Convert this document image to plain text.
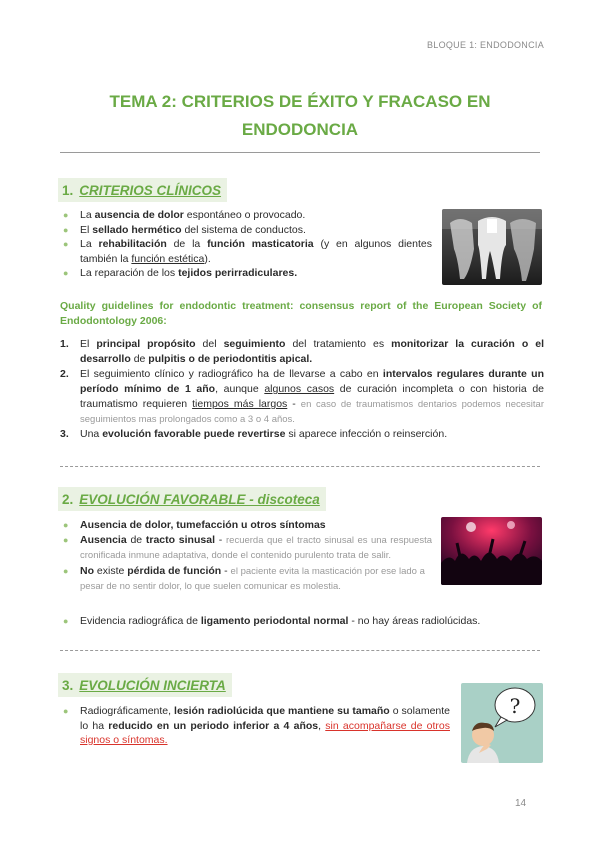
BLOQUE 1: ENDODONCIA
TEMA 2: CRITERIOS DE ÉXITO Y FRACASO EN
ENDODONCIA
1. CRITERIOS CLÍNICOS
● La ausencia de dolor espontáneo o provocado.
● El sellado hermético del sistema de conductos.
● La rehabilitación de la función masticatoria (y en algunos dientes también la función estética).
● La reparación de los tejidos perirradiculares.
Quality guidelines for endodontic treatment: consensus report of the European Society of Endodontology 2006:
1. El principal propósito del seguimiento del tratamiento es monitorizar la curación o el desarrollo de pulpitis o de periodontitis apical.
2. El seguimiento clínico y radiográfico ha de llevarse a cabo en intervalos regulares durante un período mínimo de 1 año, aunque algunos casos de curación incompleta o con historia de traumatismo requieren tiempos más largos - en caso de traumatismos dentarios podemos necesitar seguimientos mas prolongados como a 3 o 4 años.
3. Una evolución favorable puede revertirse si aparece infección o reinserción.
2. EVOLUCIÓN FAVORABLE - discoteca
● Ausencia de dolor, tumefacción u otros síntomas
● Ausencia de tracto sinusal - recuerda que el tracto sinusal es una respuesta cronificada inmune adaptativa, donde el contenido purulento trata de salir.
● No existe pérdida de función - el paciente evita la masticación por ese lado a pesar de no sentir dolor, lo que suelen comunicar es molestia.
● Evidencia radiográfica de ligamento periodontal normal - no hay áreas radiolúcidas.
3. EVOLUCIÓN INCIERTA
● Radiográficamente, lesión radiolúcida que mantiene su tamaño o solamente lo ha reducido en un periodo inferior a 4 años, sin acompañarse de otros signos o síntomas.
?
14
